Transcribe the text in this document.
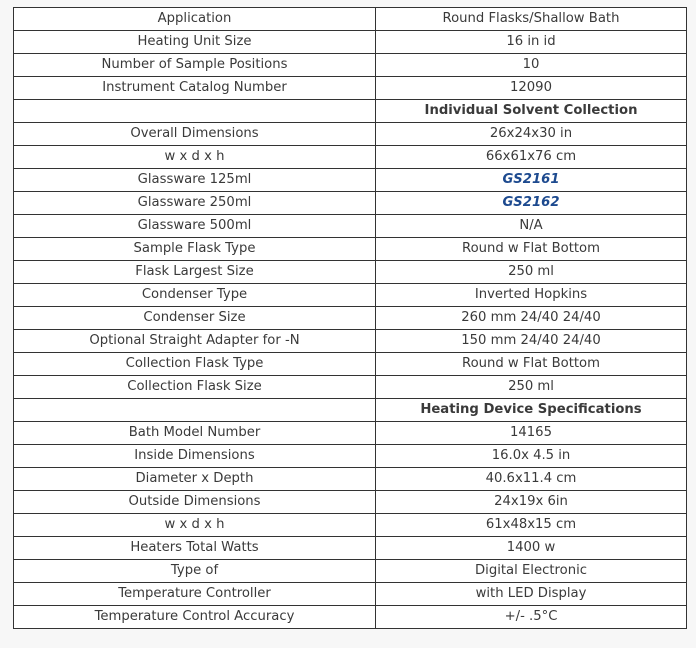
Application	Round Flasks/Shallow Bath
Heating Unit Size	16 in id
Number of Sample Positions	10
Instrument Catalog Number	12090
	Individual Solvent Collection
Overall Dimensions	26x24x30 in
w x d x h	66x61x76 cm
Glassware 125ml	GS2161
Glassware 250ml	GS2162
Glassware 500ml	N/A
Sample Flask Type	Round w Flat Bottom
Flask Largest Size	250 ml
Condenser Type	Inverted Hopkins
Condenser Size	260 mm 24/40 24/40
Optional Straight Adapter for -N	150 mm 24/40 24/40
Collection Flask Type	Round w Flat Bottom
Collection Flask Size	250 ml
	Heating Device Specifications
Bath Model Number	14165
Inside Dimensions	16.0x 4.5 in
Diameter x Depth	40.6x11.4 cm
Outside Dimensions	24x19x 6in
w x d x h	61x48x15 cm
Heaters Total Watts	1400 w
Type of	Digital Electronic
Temperature Controller	with LED Display
Temperature Control Accuracy	+/- .5°C
